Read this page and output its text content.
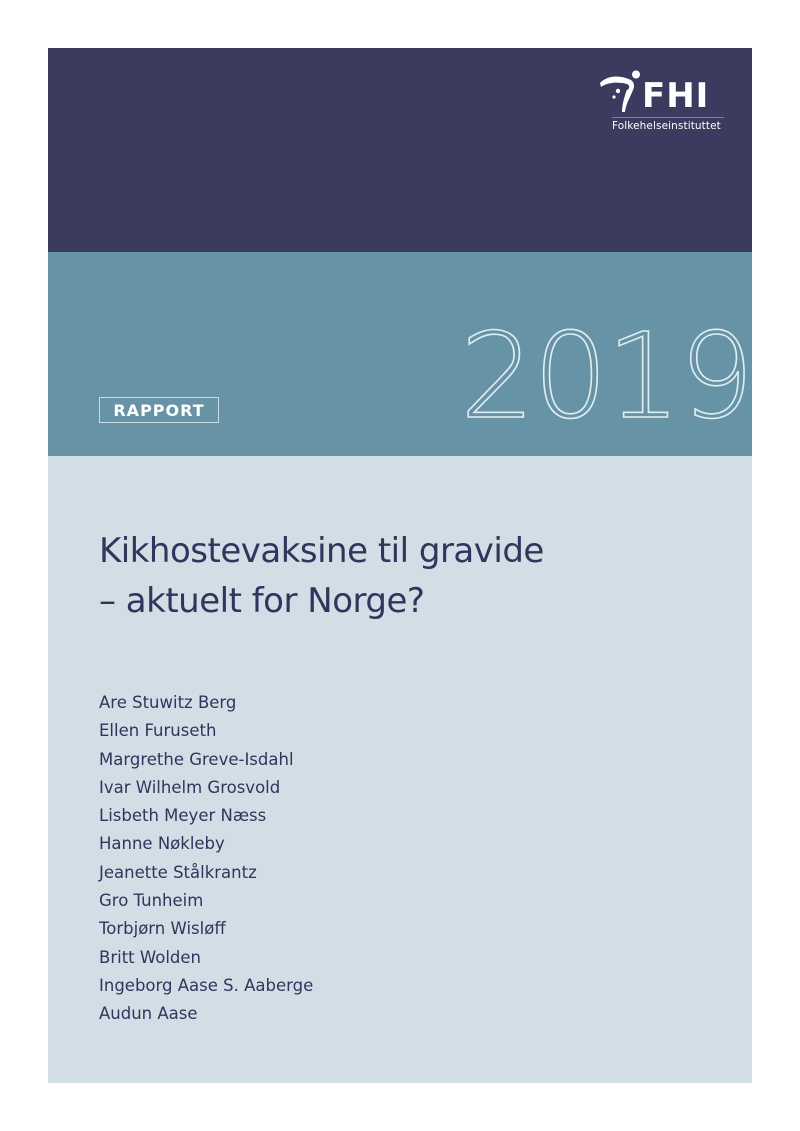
FHI
Folkehelseinstituttet
RAPPORT 2019
Kikhostevaksine til gravide
– aktuelt for Norge?
Are Stuwitz Berg
Ellen Furuseth
Margrethe Greve-Isdahl
Ivar Wilhelm Grosvold
Lisbeth Meyer Næss
Hanne Nøkleby
Jeanette Stålkrantz
Gro Tunheim
Torbjørn Wisløff
Britt Wolden
Ingeborg Aase S. Aaberge
Audun Aase
